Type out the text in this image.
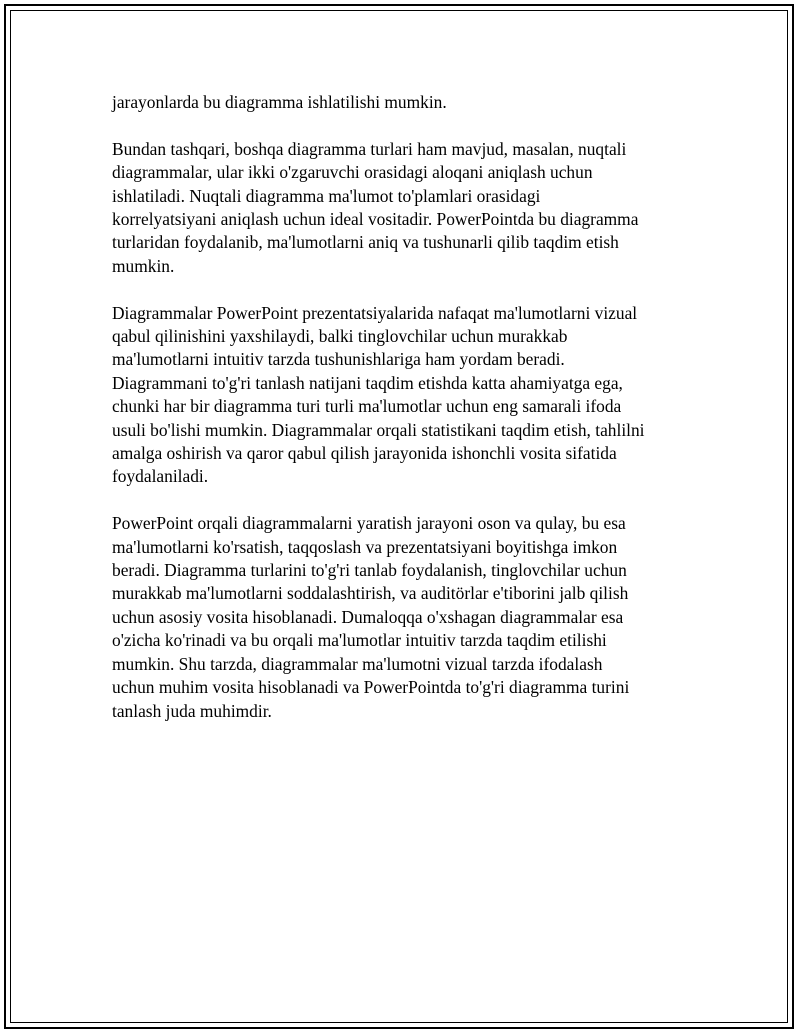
jarayonlarda bu diagramma ishlatilishi mumkin.

Bundan tashqari, boshqa diagramma turlari ham mavjud, masalan, nuqtali
diagrammalar, ular ikki o'zgaruvchi orasidagi aloqani aniqlash uchun
ishlatiladi. Nuqtali diagramma ma'lumot to'plamlari orasidagi
korrelyatsiyani aniqlash uchun ideal vositadir. PowerPointda bu diagramma
turlaridan foydalanib, ma'lumotlarni aniq va tushunarli qilib taqdim etish
mumkin.

Diagrammalar PowerPoint prezentatsiyalarida nafaqat ma'lumotlarni vizual
qabul qilinishini yaxshilaydi, balki tinglovchilar uchun murakkab
ma'lumotlarni intuitiv tarzda tushunishlariga ham yordam beradi.
Diagrammani to'g'ri tanlash natijani taqdim etishda katta ahamiyatga ega,
chunki har bir diagramma turi turli ma'lumotlar uchun eng samarali ifoda
usuli bo'lishi mumkin. Diagrammalar orqali statistikani taqdim etish, tahlilni
amalga oshirish va qaror qabul qilish jarayonida ishonchli vosita sifatida
foydalaniladi.

PowerPoint orqali diagrammalarni yaratish jarayoni oson va qulay, bu esa
ma'lumotlarni ko'rsatish, taqqoslash va prezentatsiyani boyitishga imkon
beradi. Diagramma turlarini to'g'ri tanlab foydalanish, tinglovchilar uchun
murakkab ma'lumotlarni soddalashtirish, va auditörlar e'tiborini jalb qilish
uchun asosiy vosita hisoblanadi. Dumaloqqa o'xshagan diagrammalar esa
o'zicha ko'rinadi va bu orqali ma'lumotlar intuitiv tarzda taqdim etilishi
mumkin. Shu tarzda, diagrammalar ma'lumotni vizual tarzda ifodalash
uchun muhim vosita hisoblanadi va PowerPointda to'g'ri diagramma turini
tanlash juda muhimdir.
